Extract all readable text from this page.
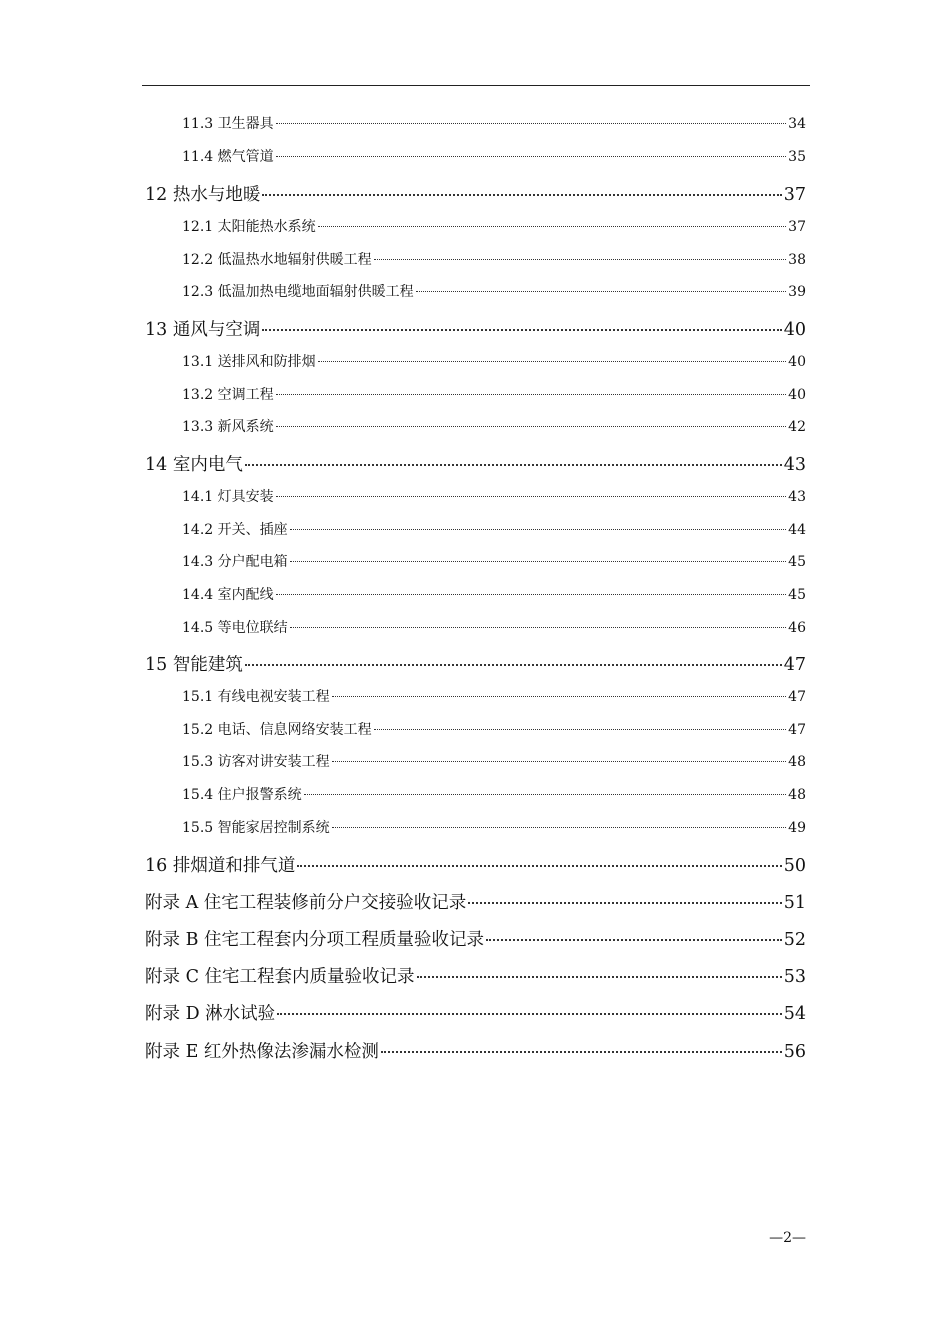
11.3 卫生器具	34
11.4 燃气管道	35
12 热水与地暖	37
12.1 太阳能热水系统	37
12.2 低温热水地辐射供暖工程	38
12.3 低温加热电缆地面辐射供暖工程	39
13 通风与空调	40
13.1 送排风和防排烟	40
13.2 空调工程	40
13.3 新风系统	42
14 室内电气	43
14.1 灯具安装	43
14.2 开关、插座	44
14.3 分户配电箱	45
14.4 室内配线	45
14.5 等电位联结	46
15 智能建筑	47
15.1 有线电视安装工程	47
15.2 电话、信息网络安装工程	47
15.3 访客对讲安装工程	48
15.4 住户报警系统	48
15.5 智能家居控制系统	49
16 排烟道和排气道	50
附录 A 住宅工程装修前分户交接验收记录	51
附录 B 住宅工程套内分项工程质量验收记录	52
附录 C 住宅工程套内质量验收记录	53
附录 D 淋水试验	54
附录 E 红外热像法渗漏水检测	56
—2—
